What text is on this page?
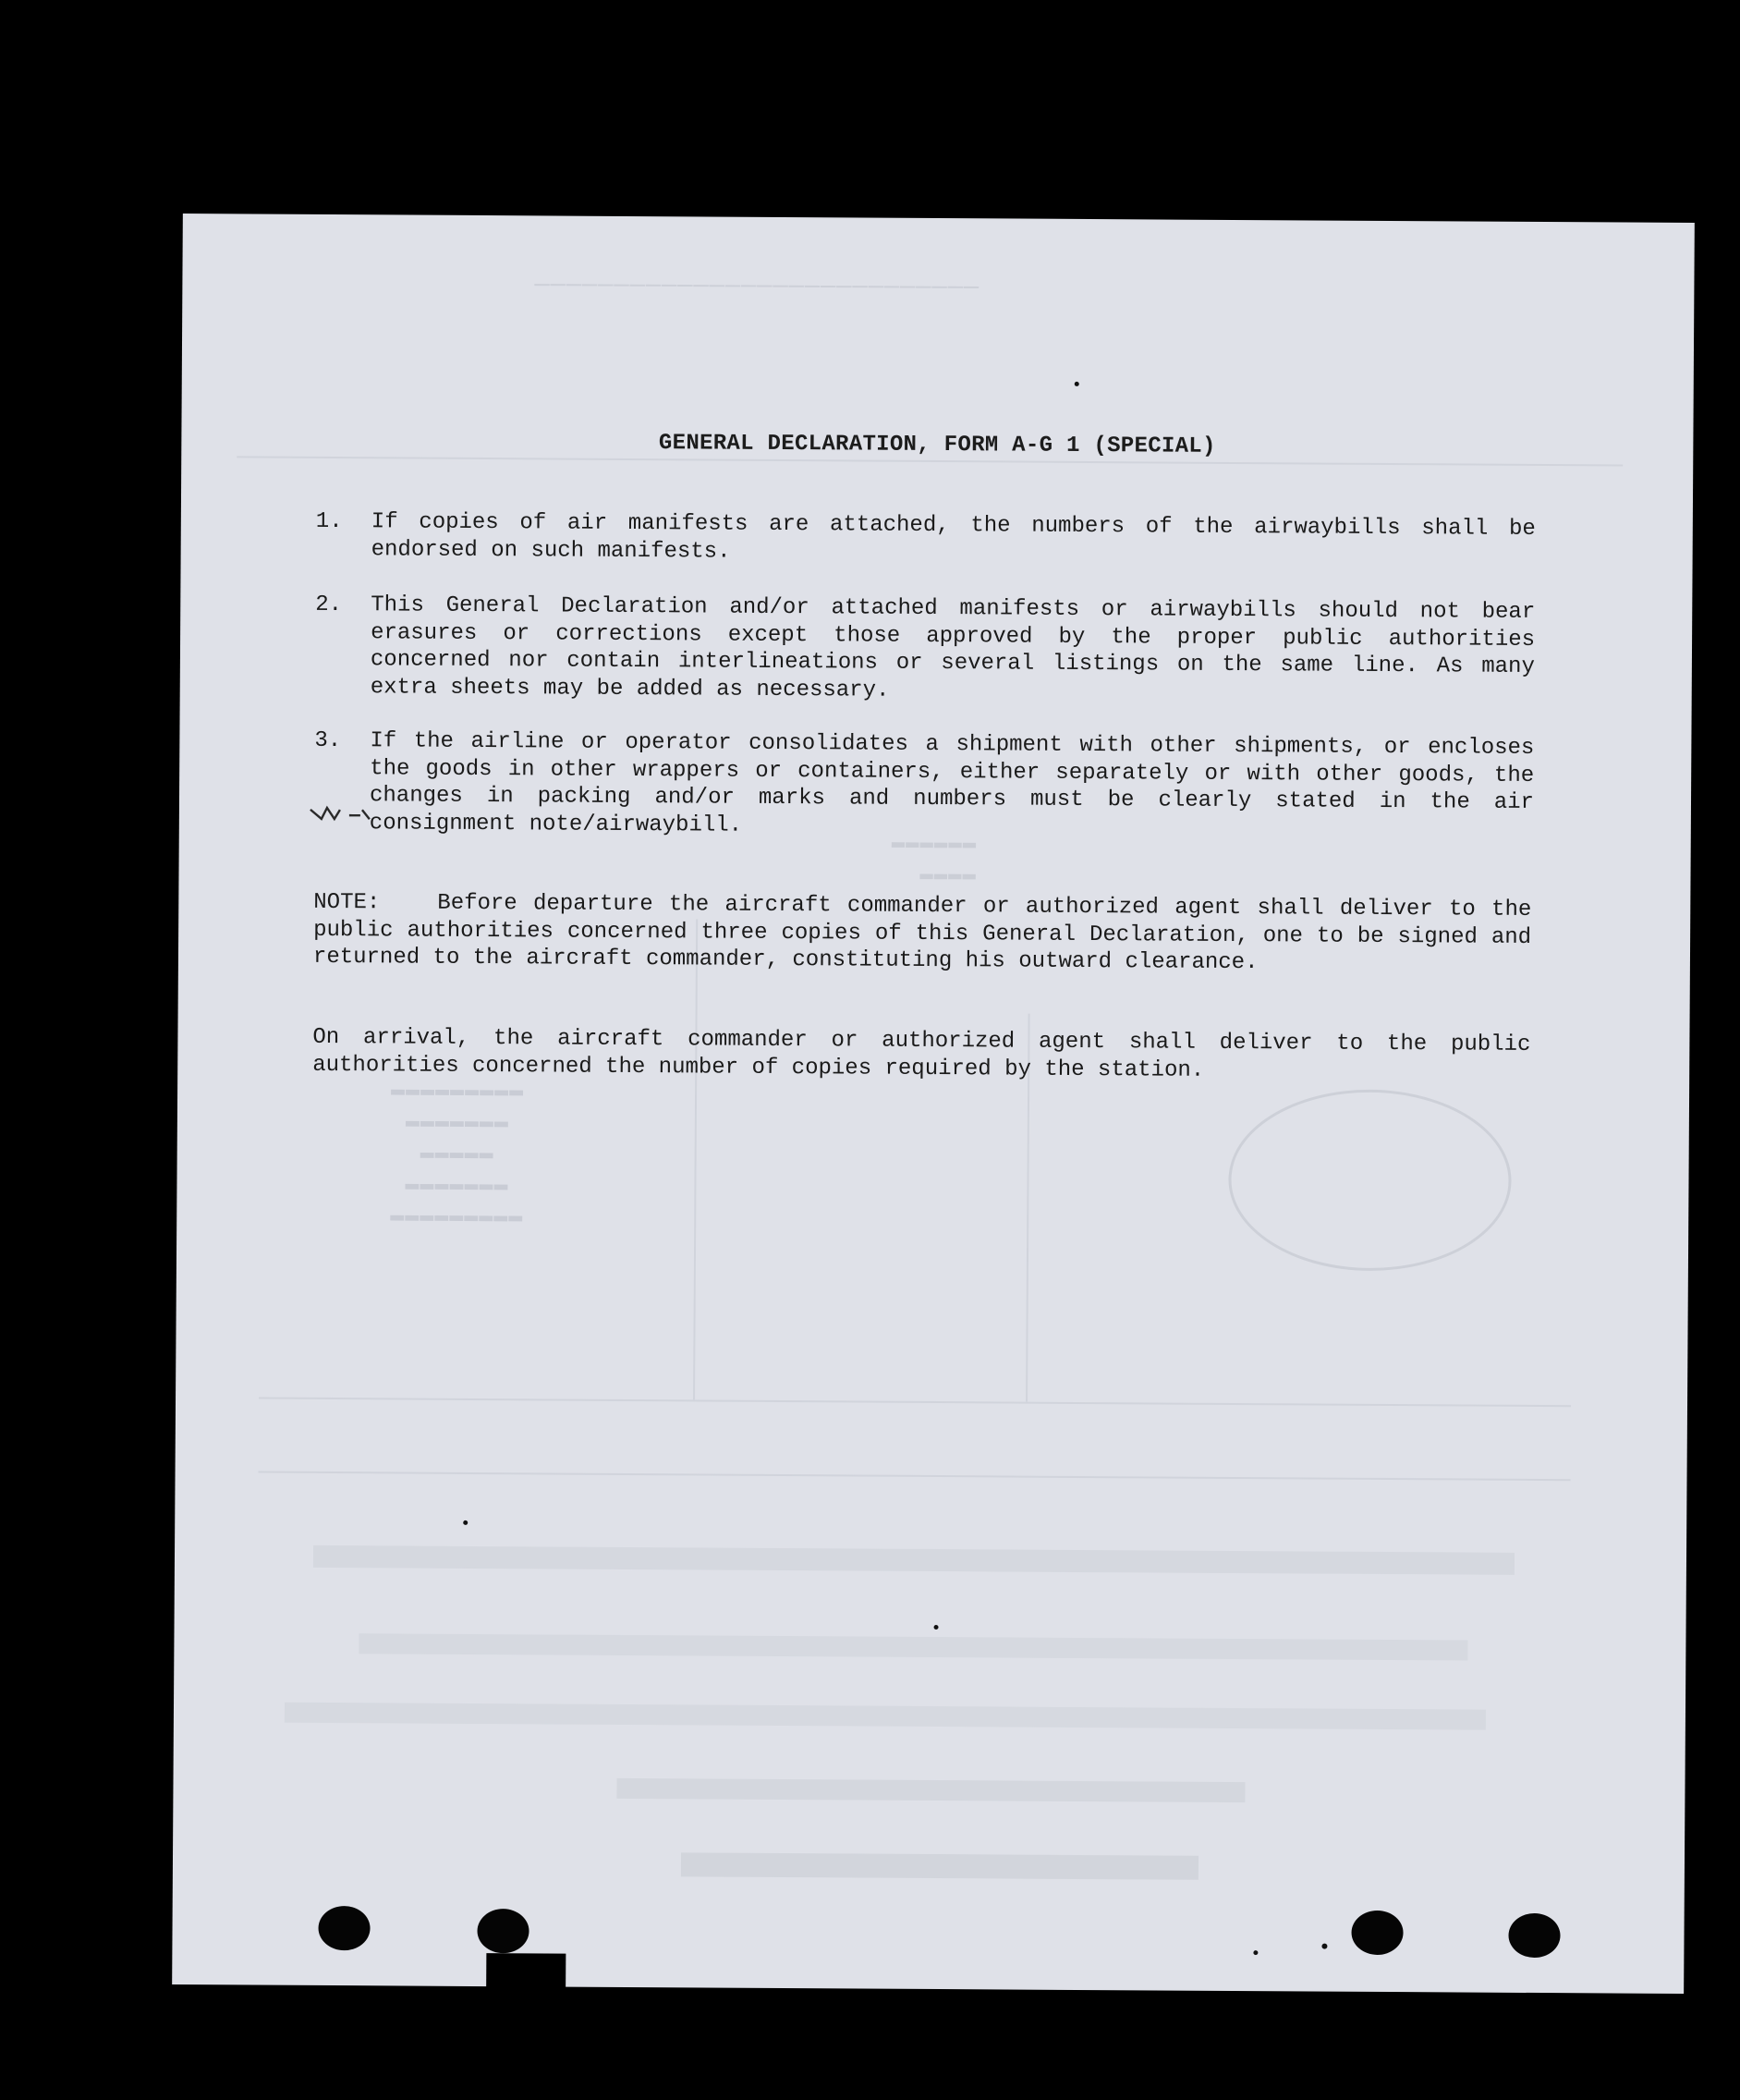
────────────────────────────
▬▬▬▬▬▬▬▬▬
▬▬▬▬▬▬▬
▬▬▬▬▬
▬▬▬▬▬▬▬
▬▬▬▬▬▬▬▬▬
▬▬▬▬▬▬
▬▬▬▬
GENERAL DECLARATION, FORM A-G 1 (SPECIAL)
1. If copies of air manifests are attached, the numbers of the airwaybills shall be endorsed on such manifests.
2. This General Declaration and/or attached manifests or airwaybills should not bear erasures or corrections except those approved by the proper public authorities concerned nor contain interlineations or several listings on the same line. As many extra sheets may be added as necessary.
3. If the airline or operator consolidates a shipment with other shipments, or encloses the goods in other wrappers or containers, either separately or with other goods, the changes in packing and/or marks and numbers must be clearly stated in the air consignment note/airwaybill.
NOTE:	Before departure the aircraft commander or authorized agent shall deliver to the public authorities concerned three copies of this General Declaration, one to be signed and returned to the aircraft commander, constituting his outward clearance.
On arrival, the aircraft commander or authorized agent shall deliver to the public authorities concerned the number of copies required by the station.
